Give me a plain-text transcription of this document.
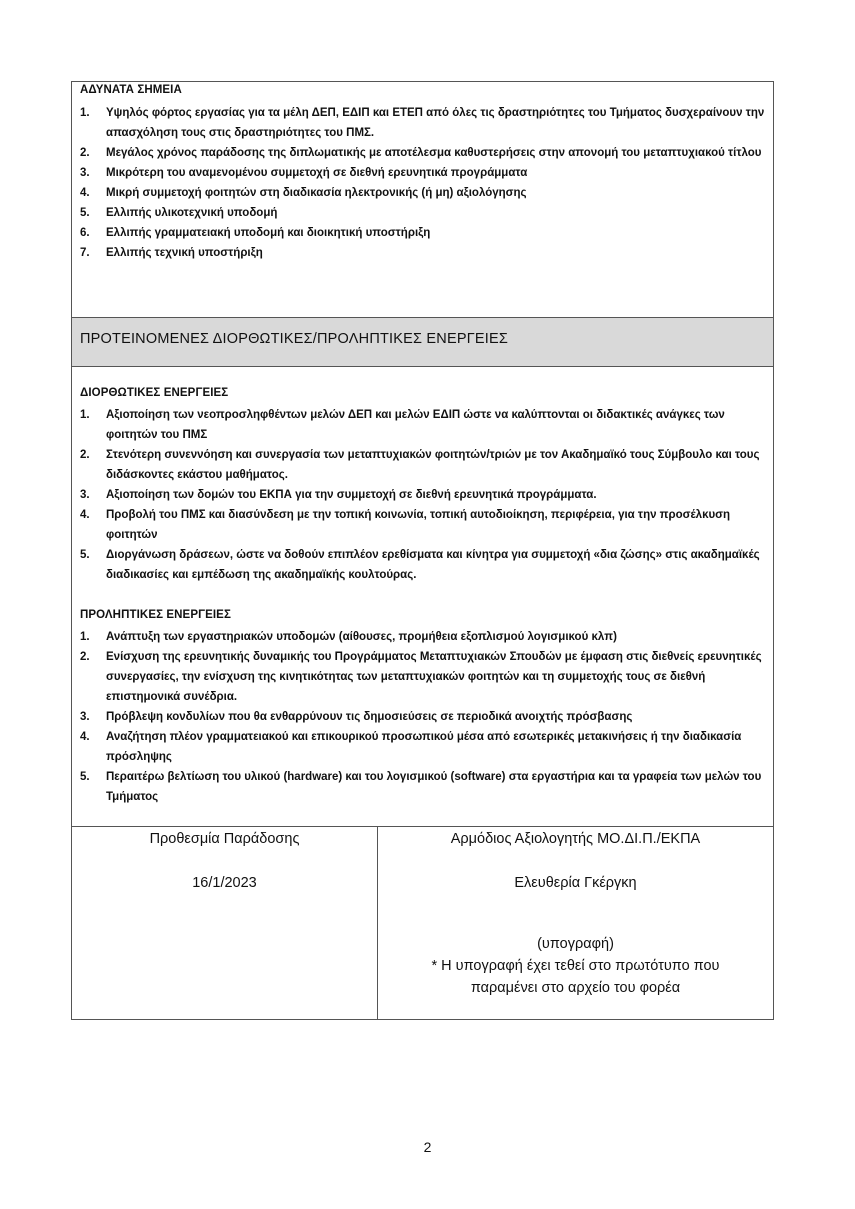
ΑΔΥΝΑΤΑ ΣΗΜΕΙΑ
1. Υψηλός φόρτος εργασίας για τα μέλη ΔΕΠ, ΕΔΙΠ και ΕΤΕΠ από όλες τις δραστηριότητες του Τμήματος δυσχεραίνουν την απασχόληση τους στις δραστηριότητες του ΠΜΣ.
2. Μεγάλος χρόνος παράδοσης της διπλωματικής με αποτέλεσμα καθυστερήσεις στην απονομή του μεταπτυχιακού τίτλου
3. Μικρότερη του αναμενομένου συμμετοχή σε διεθνή ερευνητικά προγράμματα
4. Μικρή συμμετοχή φοιτητών στη διαδικασία ηλεκτρονικής (ή μη) αξιολόγησης
5. Ελλιπής υλικοτεχνική υποδομή
6. Ελλιπής γραμματειακή υποδομή και διοικητική υποστήριξη
7. Ελλιπής τεχνική υποστήριξη
ΠΡΟΤΕΙΝΟΜΕΝΕΣ ΔΙΟΡΘΩΤΙΚΕΣ/ΠΡΟΛΗΠΤΙΚΕΣ ΕΝΕΡΓΕΙΕΣ
ΔΙΟΡΘΩΤΙΚΕΣ ΕΝΕΡΓΕΙΕΣ
1. Αξιοποίηση των νεοπροσληφθέντων μελών ΔΕΠ και μελών ΕΔΙΠ ώστε να καλύπτονται οι διδακτικές ανάγκες των φοιτητών του ΠΜΣ
2. Στενότερη συνεννόηση και συνεργασία των μεταπτυχιακών φοιτητών/τριών με τον Ακαδημαϊκό τους Σύμβουλο και τους διδάσκοντες εκάστου μαθήματος.
3. Αξιοποίηση των δομών του ΕΚΠΑ για την συμμετοχή σε διεθνή ερευνητικά προγράμματα.
4. Προβολή του ΠΜΣ και διασύνδεση με την τοπική κοινωνία, τοπική αυτοδιοίκηση, περιφέρεια, για την προσέλκυση φοιτητών
5. Διοργάνωση δράσεων, ώστε να δοθούν επιπλέον ερεθίσματα και κίνητρα για συμμετοχή «δια ζώσης» στις ακαδημαϊκές διαδικασίες και εμπέδωση της ακαδημαϊκής κουλτούρας.
ΠΡΟΛΗΠΤΙΚΕΣ ΕΝΕΡΓΕΙΕΣ
1. Ανάπτυξη των εργαστηριακών υποδομών (αίθουσες, προμήθεια εξοπλισμού λογισμικού κλπ)
2. Ενίσχυση της ερευνητικής δυναμικής του Προγράμματος Μεταπτυχιακών Σπουδών με έμφαση στις διεθνείς ερευνητικές συνεργασίες, την ενίσχυση της κινητικότητας των μεταπτυχιακών φοιτητών και τη συμμετοχής τους σε διεθνή επιστημονικά συνέδρια.
3. Πρόβλεψη κονδυλίων που θα ενθαρρύνουν τις δημοσιεύσεις σε περιοδικά ανοιχτής πρόσβασης
4. Αναζήτηση πλέον γραμματειακού και επικουρικού προσωπικού μέσα από εσωτερικές μετακινήσεις ή την διαδικασία πρόσληψης
5. Περαιτέρω βελτίωση του υλικού (hardware) και του λογισμικού (software) στα εργαστήρια και τα γραφεία των μελών του Τμήματος
Προθεσμία Παράδοσης
16/1/2023
Αρμόδιος Αξιολογητής ΜΟ.ΔΙ.Π./ΕΚΠΑ
Ελευθερία Γκέργκη
(υπογραφή)
* Η υπογραφή έχει τεθεί στο πρωτότυπο που
παραμένει στο αρχείο του φορέα
2
